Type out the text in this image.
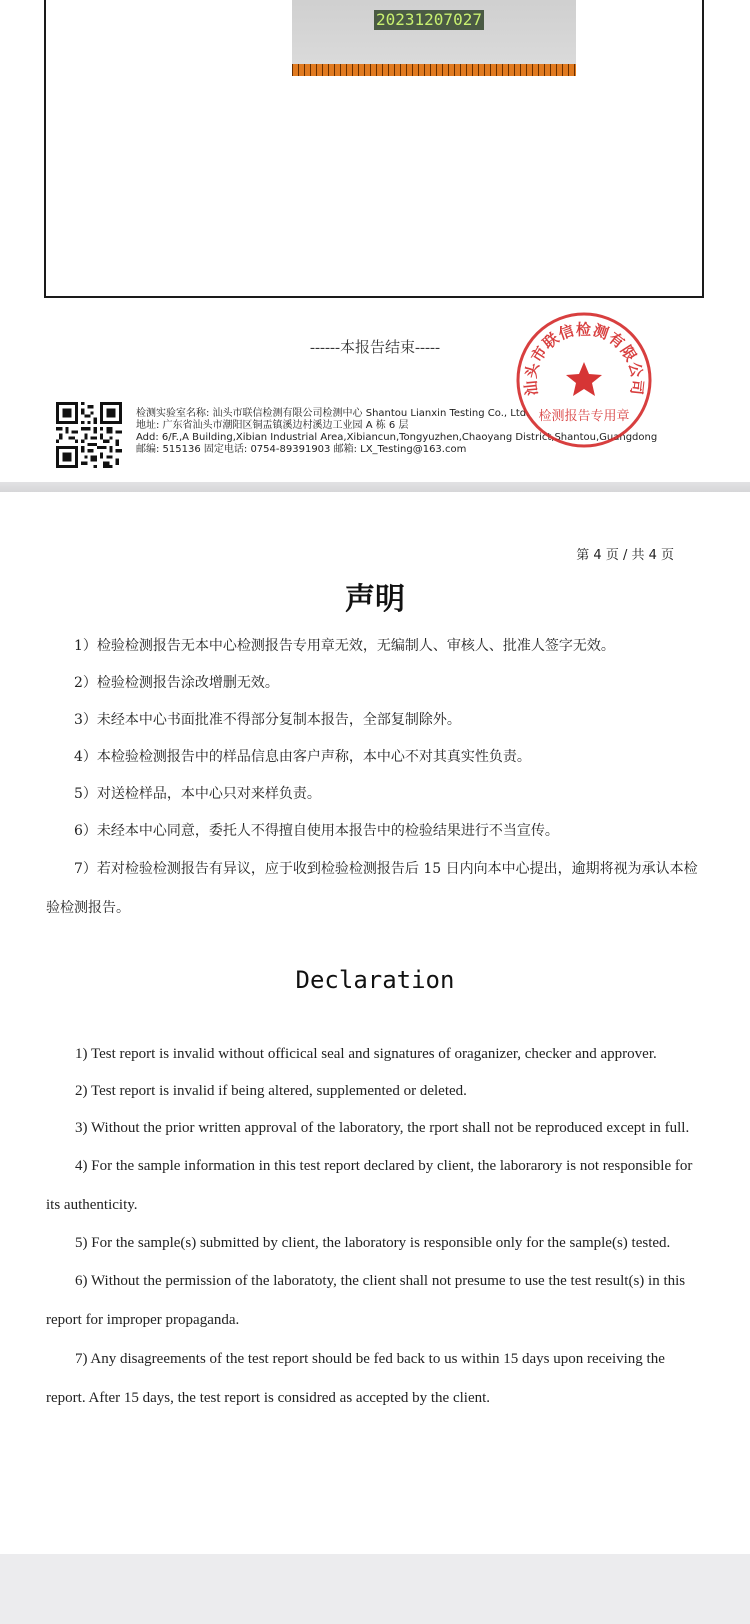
20231207027
------本报告结束-----
检测实验室名称: 汕头市联信检测有限公司检测中心 Shantou Lianxin Testing Co., Ltd.
地址: 广东省汕头市潮阳区铜盂镇溪边村溪边工业园 A 栋 6 层
Add: 6/F.,A Building,Xibian Industrial Area,Xibiancun,Tongyuzhen,Chaoyang District,Shantou,Guangdong
邮编: 515136 固定电话: 0754-89391903 邮箱: LX_Testing@163.com
汕头市联信检测有限公司
检测报告专用章
第 4 页 / 共 4 页
声明

1）检验检测报告无本中心检测报告专用章无效，无编制人、审核人、批准人签字无效。

2）检验检测报告涂改增删无效。

3）未经本中心书面批准不得部分复制本报告，全部复制除外。

4）本检验检测报告中的样品信息由客户声称，本中心不对其真实性负责。

5）对送检样品，本中心只对来样负责。

6）未经本中心同意，委托人不得擅自使用本报告中的检验结果进行不当宣传。

7）若对检验检测报告有异议，应于收到检验检测报告后 15 日内向本中心提出，逾期将视为承认本检验检测报告。

Declaration

1) Test report is invalid without officical seal and signatures of oraganizer, checker and approver.

2) Test report is invalid if being altered, supplemented or deleted.

3) Without the prior written approval of the laboratory, the rport shall not be reproduced except in full.

4) For the sample information in this test report declared by client, the laborarory is not responsible for its authenticity.

5) For the sample(s) submitted by client, the laboratory is responsible only for the sample(s) tested.

6) Without the permission of the laboratoty, the client shall not presume to use the test result(s) in this report for improper propaganda.

7) Any disagreements of the test report should be fed back to us within 15 days upon receiving the report. After 15 days, the test report is considred as accepted by the client.
